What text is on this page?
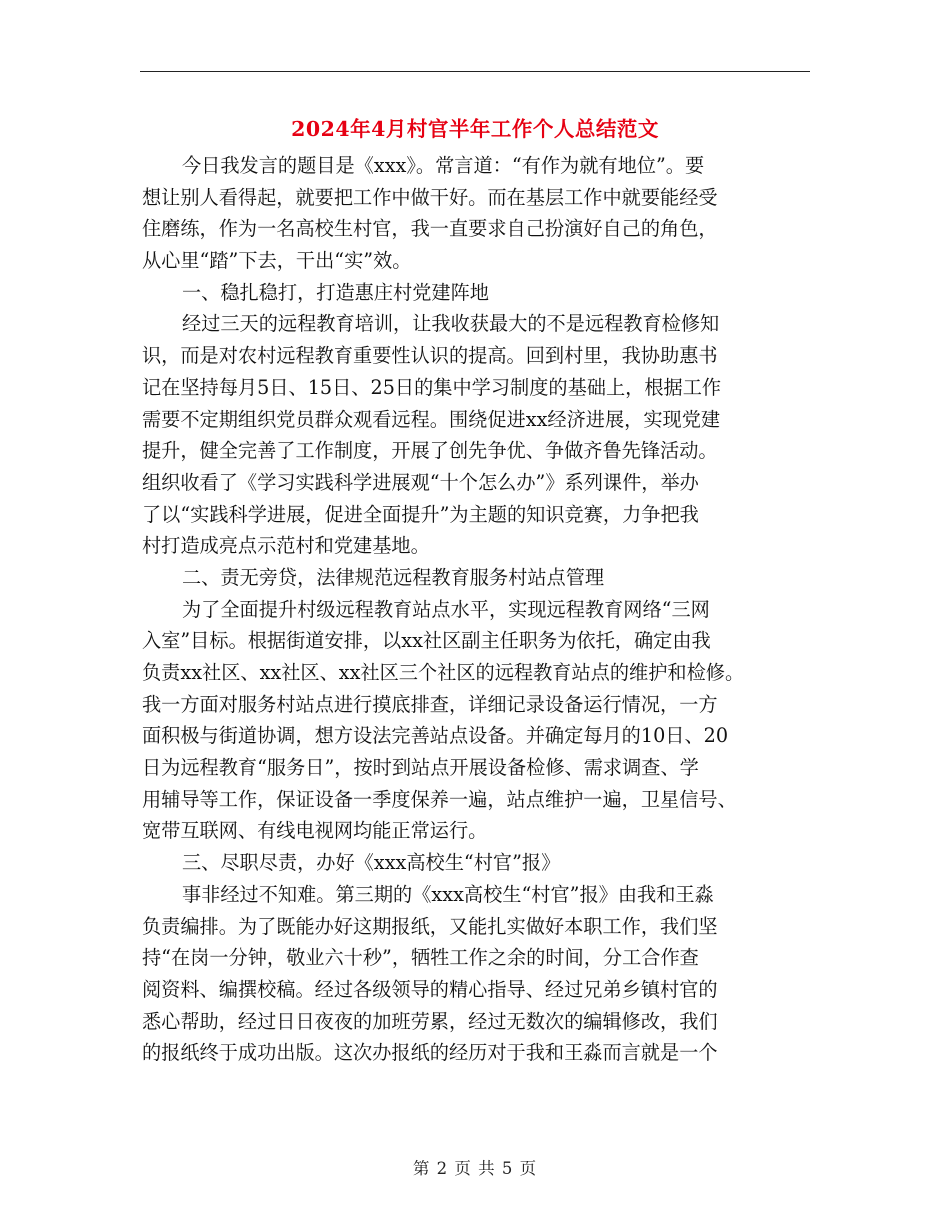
2024年4月村官半年工作个人总结范文
今日我发言的题目是《xxx》。常言道：“有作为就有地位”。要
想让别人看得起，就要把工作中做干好。而在基层工作中就要能经受
住磨练，作为一名高校生村官，我一直要求自己扮演好自己的角色，
从心里“踏”下去，干出“实”效。
一、稳扎稳打，打造惠庄村党建阵地
经过三天的远程教育培训，让我收获最大的不是远程教育检修知
识，而是对农村远程教育重要性认识的提高。回到村里，我协助惠书
记在坚持每月5日、15日、25日的集中学习制度的基础上，根据工作
需要不定期组织党员群众观看远程。围绕促进xx经济进展，实现党建
提升，健全完善了工作制度，开展了创先争优、争做齐鲁先锋活动。
组织收看了《学习实践科学进展观“十个怎么办”》系列课件，举办
了以“实践科学进展，促进全面提升”为主题的知识竞赛，力争把我
村打造成亮点示范村和党建基地。
二、责无旁贷，法律规范远程教育服务村站点管理
为了全面提升村级远程教育站点水平，实现远程教育网络“三网
入室”目标。根据街道安排，以xx社区副主任职务为依托，确定由我
负责xx社区、xx社区、xx社区三个社区的远程教育站点的维护和检修。
我一方面对服务村站点进行摸底排查，详细记录设备运行情况，一方
面积极与街道协调，想方设法完善站点设备。并确定每月的10日、20
日为远程教育“服务日”，按时到站点开展设备检修、需求调查、学
用辅导等工作，保证设备一季度保养一遍，站点维护一遍，卫星信号、
宽带互联网、有线电视网均能正常运行。
三、尽职尽责，办好《xxx高校生“村官”报》
事非经过不知难。第三期的《xxx高校生“村官”报》由我和王淼
负责编排。为了既能办好这期报纸，又能扎实做好本职工作，我们坚
持“在岗一分钟，敬业六十秒”，牺牲工作之余的时间，分工合作查
阅资料、编撰校稿。经过各级领导的精心指导、经过兄弟乡镇村官的
悉心帮助，经过日日夜夜的加班劳累，经过无数次的编辑修改，我们
的报纸终于成功出版。这次办报纸的经历对于我和王淼而言就是一个
第 2 页 共 5 页
